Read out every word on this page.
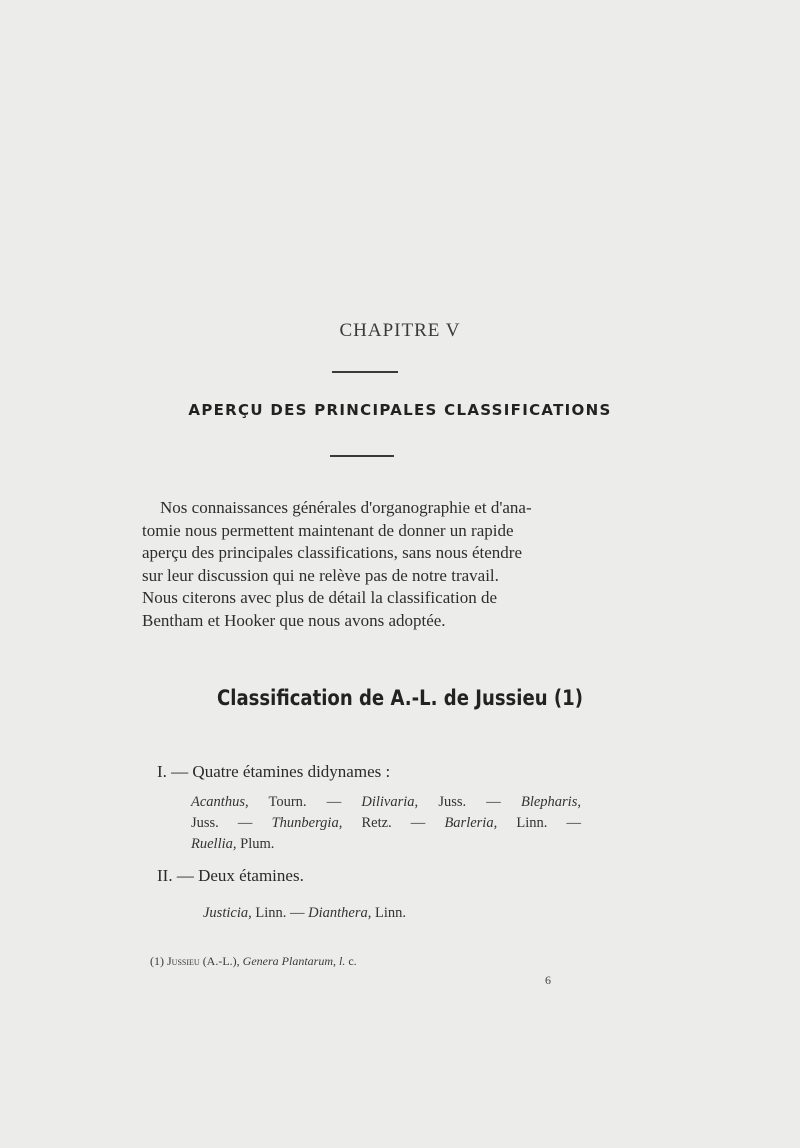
CHAPITRE V
APERÇU DES PRINCIPALES CLASSIFICATIONS
Nos connaissances générales d'organographie et d'ana-
tomie nous permettent maintenant de donner un rapide
aperçu des principales classifications, sans nous étendre
sur leur discussion qui ne relève pas de notre travail.
Nous citerons avec plus de détail la classification de
Bentham et Hooker que nous avons adoptée.
Classification de A.-L. de Jussieu (1)
I. — Quatre étamines didynames :
Acanthus, Tourn. — Dilivaria, Juss. — Blepharis,
Juss. — Thunbergia, Retz. — Barleria, Linn. —
Ruellia, Plum.
II. — Deux étamines.
Justicia, Linn. — Dianthera, Linn.
(1) Jussieu (A.-L.), Genera Plantarum, l. c.
6
